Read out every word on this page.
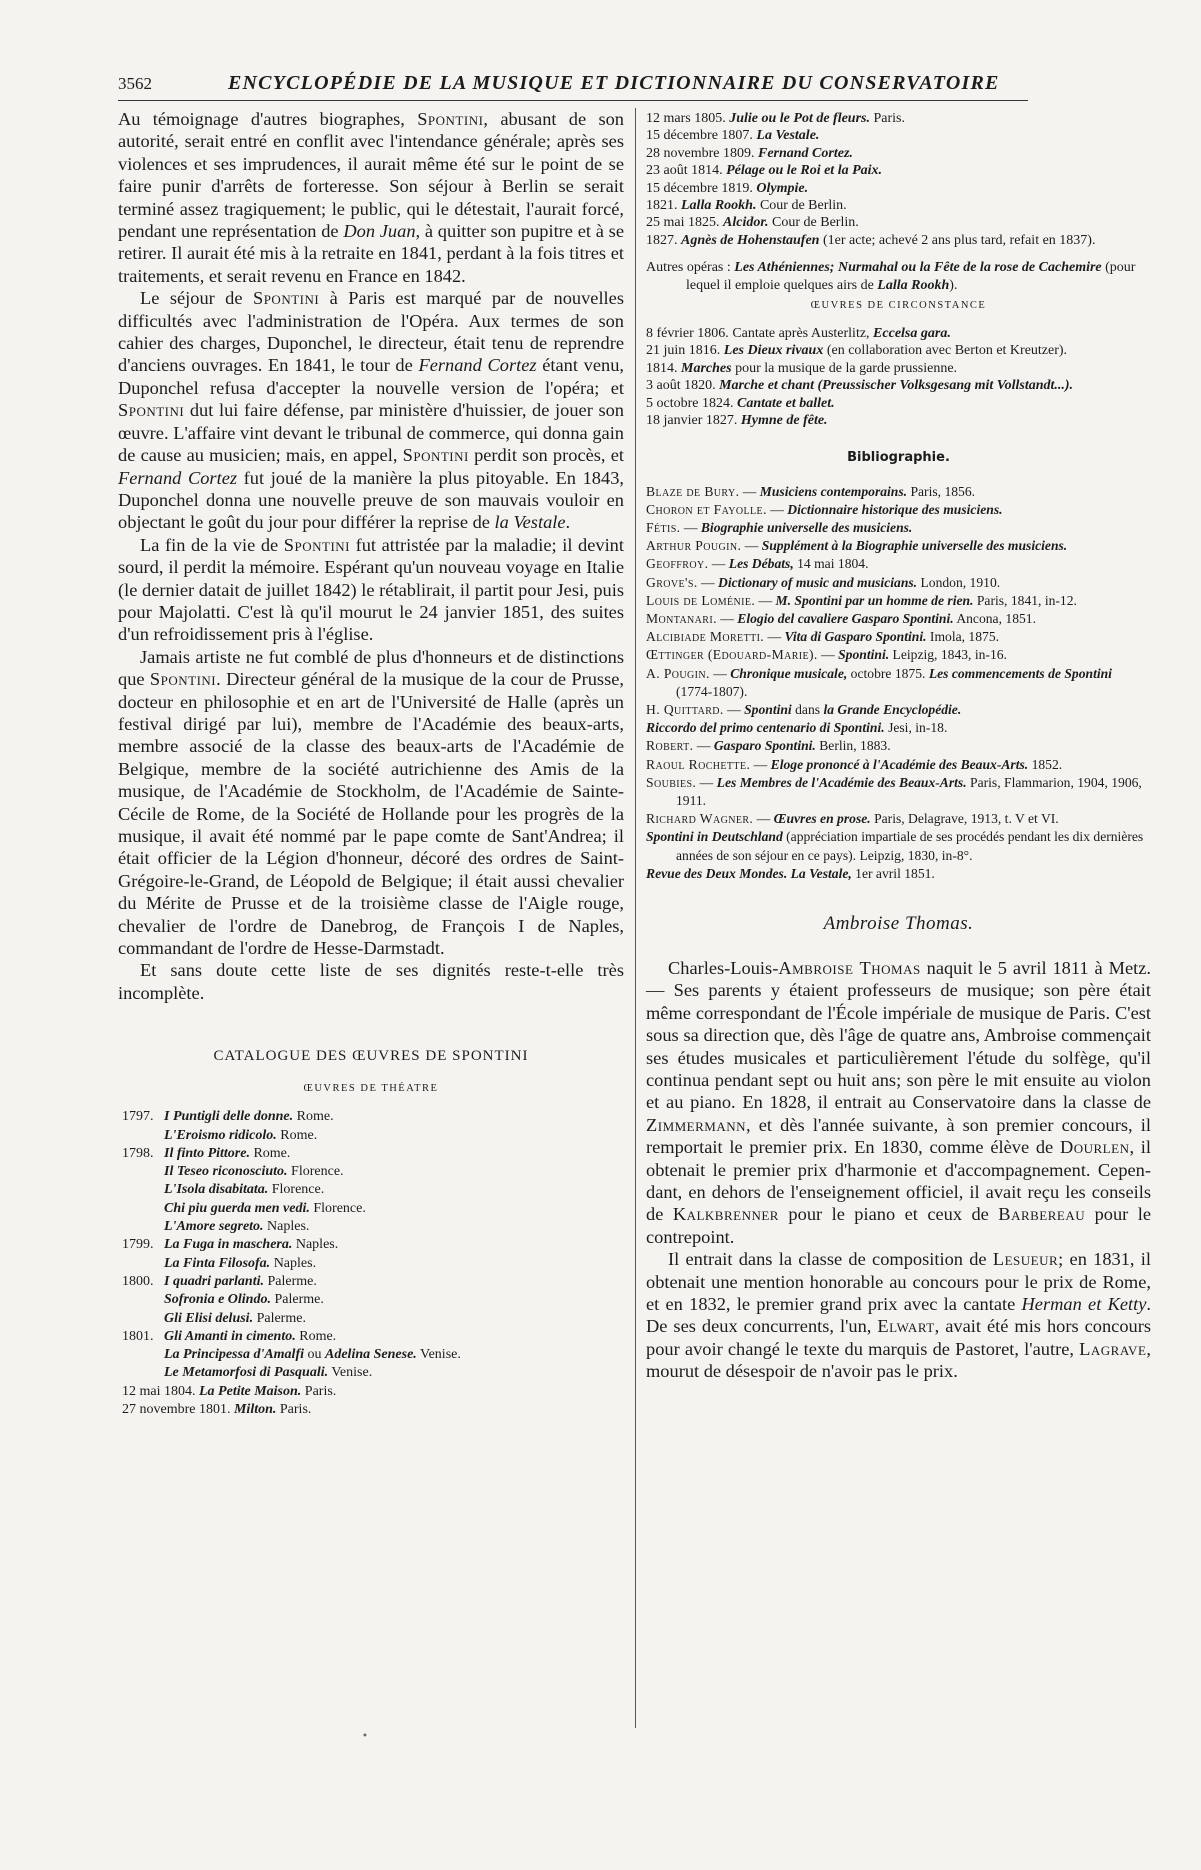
3562	ENCYCLOPÉDIE DE LA MUSIQUE ET DICTIONNAIRE DU CONSERVATOIRE

Au témoignage d'autres biographes, Spontini, abusant de son autorité, serait entré en conflit avec l'intendance générale; après ses violences et ses imprudences, il aurait même été sur le point de se faire punir d'arrêts de forteresse. Son séjour à Berlin se serait terminé assez tragiquement; le public, qui le détestait, l'aurait forcé, pendant une représentation de Don Juan, à quitter son pupitre et à se retirer. Il aurait été mis à la retraite en 1841, perdant à la fois titres et traitements, et serait revenu en France en 1842.

Le séjour de Spontini à Paris est marqué par de nouvelles difficultés avec l'administration de l'Opéra. Aux termes de son cahier des charges, Duponchel, le directeur, était tenu de reprendre d'anciens ouvrages. En 1841, le tour de Fernand Cortez étant venu, Duponchel refusa d'accepter la nouvelle version de l'opéra; et Spontini dut lui faire défense, par ministère d'huissier, de jouer son œuvre. L'affaire vint devant le tribunal de commerce, qui donna gain de cause au musicien; mais, en appel, Spontini perdit son procès, et Fernand Cortez fut joué de la manière la plus pitoyable. En 1843, Duponchel donna une nouvelle preuve de son mauvais vouloir en objectant le goût du jour pour différer la reprise de la Vestale.

La fin de la vie de Spontini fut attristée par la maladie; il devint sourd, il perdit la mémoire. Espérant qu'un nouveau voyage en Italie (le dernier datait de juillet 1842) le rétablirait, il partit pour Jesi, puis pour Majolatti. C'est là qu'il mourut le 24 janvier 1851, des suites d'un refroidissement pris à l'église.

Jamais artiste ne fut comblé de plus d'honneurs et de distinctions que Spontini. Directeur général de la musique de la cour de Prusse, docteur en philosophie et en art de l'Université de Halle (après un festival dirigé par lui), membre de l'Académie des beaux-arts, membre associé de la classe des beaux-arts de l'Académie de Belgique, membre de la société autrichienne des Amis de la musique, de l'Académie de Stockholm, de l'Académie de Sainte-Cécile de Rome, de la Société de Hollande pour les progrès de la musique, il avait été nommé par le pape comte de Sant'Andrea; il était officier de la Légion d'honneur, décoré des ordres de Saint-Grégoire-le-Grand, de Léopold de Belgique; il était aussi chevalier du Mérite de Prusse et de la troisième classe de l'Aigle rouge, chevalier de l'ordre de Danebrog, de François I de Naples, commandant de l'ordre de Hesse-Darmstadt.

Et sans doute cette liste de ses dignités reste-t-elle très incomplète.

CATALOGUE DES ŒUVRES DE SPONTINI
ŒUVRES DE THÉATRE
1797. I Puntigli delle donne. Rome.
L'Eroismo ridicolo. Rome.
1798. Il finto Pittore. Rome.
Il Teseo riconosciuto. Florence.
L'Isola disabitata. Florence.
Chi piu guerda men vedi. Florence.
L'Amore segreto. Naples.
1799. La Fuga in maschera. Naples.
La Finta Filosofa. Naples.
1800. I quadri parlanti. Palerme.
Sofronia e Olindo. Palerme.
Gli Elisi delusi. Palerme.
1801. Gli Amanti in cimento. Rome.
La Principessa d'Amalfi ou Adelina Senese. Venise.
Le Metamorfosi di Pasquali. Venise.
12 mai 1804. La Petite Maison. Paris.
27 novembre 1801. Milton. Paris.
12 mars 1805. Julie ou le Pot de fleurs. Paris.
15 décembre 1807. La Vestale.
28 novembre 1809. Fernand Cortez.
23 août 1814. Pélage ou le Roi et la Paix.
15 décembre 1819. Olympie.
1821. Lalla Rookh. Cour de Berlin.
25 mai 1825. Alcidor. Cour de Berlin.
1827. Agnès de Hohenstaufen (1er acte; achevé 2 ans plus tard, refait en 1837).

Autres opéras : Les Athéniennes; Nurmahal ou la Fête de la rose de Cachemire (pour lequel il emploie quelques airs de Lalla Rookh).

ŒUVRES DE CIRCONSTANCE
8 février 1806. Cantate après Austerlitz, Eccelsa gara.
21 juin 1816. Les Dieux rivaux (en collaboration avec Berton et Kreutzer).
1814. Marches pour la musique de la garde prussienne.
3 août 1820. Marche et chant (Preussischer Volksgesang mit Vollstandt...).
5 octobre 1824. Cantate et ballet.
18 janvier 1827. Hymne de fête.
Bibliographie.
Blaze de Bury. — Musiciens contemporains. Paris, 1856.
Choron et Fayolle. — Dictionnaire historique des musiciens.
Fétis. — Biographie universelle des musiciens.
Arthur Pougin. — Supplément à la Biographie universelle des musiciens.
Geoffroy. — Les Débats, 14 mai 1804.
Grove's. — Dictionary of music and musicians. London, 1910.
Louis de Loménie. — M. Spontini par un homme de rien. Paris, 1841, in-12.
Montanari. — Elogio del cavaliere Gasparo Spontini. Ancona, 1851.
Alcibiade Moretti. — Vita di Gasparo Spontini. Imola, 1875.
Œttinger (Edouard-Marie). — Spontini. Leipzig, 1843, in-16.
A. Pougin. — Chronique musicale, octobre 1875. Les commencements de Spontini (1774-1807).
H. Quittard. — Spontini dans la Grande Encyclopédie.
Riccordo del primo centenario di Spontini. Jesi, in-18.
Robert. — Gasparo Spontini. Berlin, 1883.
Raoul Rochette. — Eloge prononcé à l'Académie des Beaux-Arts. 1852.
Soubies. — Les Membres de l'Académie des Beaux-Arts. Paris, Flammarion, 1904, 1906, 1911.
Richard Wagner. — Œuvres en prose. Paris, Delagrave, 1913, t. V et VI.
Spontini in Deutschland (appréciation impartiale de ses procédés pendant les dix dernières années de son séjour en ce pays). Leipzig, 1830, in-8°.
Revue des Deux Mondes. La Vestale, 1er avril 1851.
Ambroise Thomas.

Charles-Louis-Ambroise Thomas naquit le 5 avril 1811 à Metz. — Ses parents y étaient professeurs de musique; son père était même correspondant de l'École impériale de musique de Paris. C'est sous sa direction que, dès l'âge de quatre ans, Ambroise commençait ses études musicales et particulièrement l'étude du solfège, qu'il continua pendant sept ou huit ans; son père le mit ensuite au violon et au piano. En 1828, il entrait au Conservatoire dans la classe de Zimmermann, et dès l'année suivante, à son premier concours, il remportait le premier prix. En 1830, comme élève de Dourlen, il obtenait le premier prix d'harmonie et d'accompagnement. Cependant, en dehors de l'enseignement officiel, il avait reçu les conseils de Kalkbrenner pour le piano et ceux de Barbereau pour le contrepoint.

Il entrait dans la classe de composition de Lesueur; en 1831, il obtenait une mention honorable au concours pour le prix de Rome, et en 1832, le premier grand prix avec la cantate Herman et Ketty. De ses deux concurrents, l'un, Elwart, avait été mis hors concours pour avoir changé le texte du marquis de Pastoret, l'autre, Lagrave, mourut de désespoir de n'avoir pas le prix.

•
